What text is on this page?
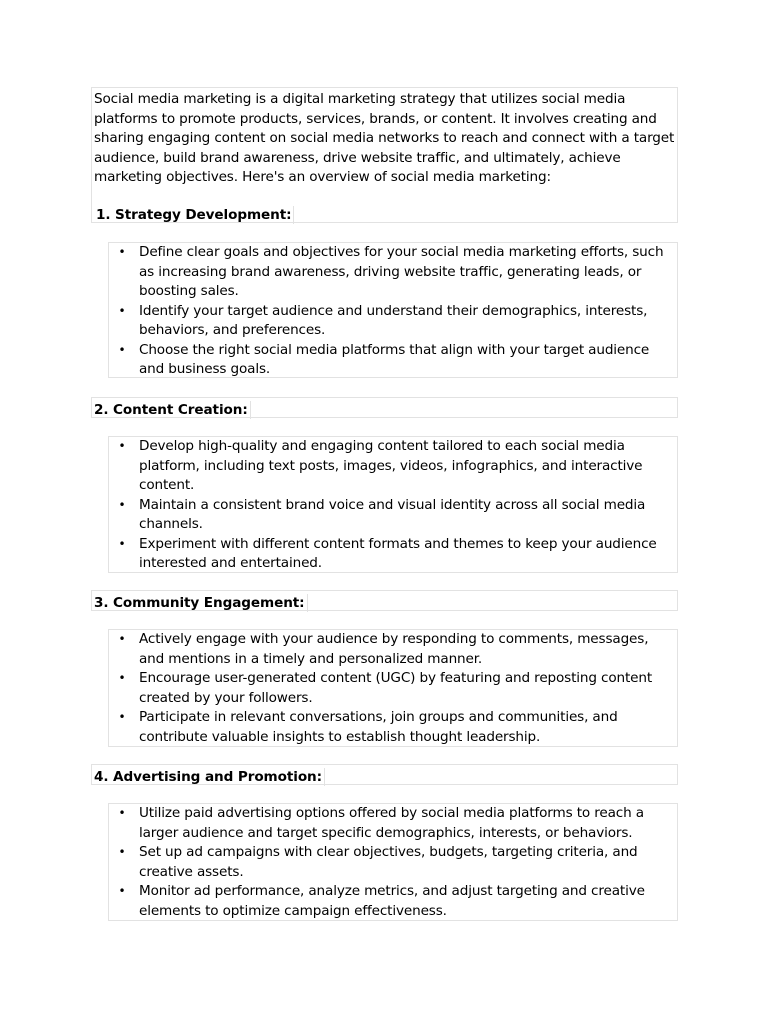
Social media marketing is a digital marketing strategy that utilizes social media platforms to promote products, services, brands, or content. It involves creating and sharing engaging content on social media networks to reach and connect with a target audience, build brand awareness, drive website traffic, and ultimately, achieve marketing objectives. Here's an overview of social media marketing:

1. Strategy Development:

• Define clear goals and objectives for your social media marketing efforts, such as increasing brand awareness, driving website traffic, generating leads, or boosting sales.
• Identify your target audience and understand their demographics, interests, behaviors, and preferences.
• Choose the right social media platforms that align with your target audience and business goals.
2. Content Creation:
• Develop high-quality and engaging content tailored to each social media platform, including text posts, images, videos, infographics, and interactive content.
• Maintain a consistent brand voice and visual identity across all social media channels.
• Experiment with different content formats and themes to keep your audience interested and entertained.
3. Community Engagement:
• Actively engage with your audience by responding to comments, messages, and mentions in a timely and personalized manner.
• Encourage user-generated content (UGC) by featuring and reposting content created by your followers.
• Participate in relevant conversations, join groups and communities, and contribute valuable insights to establish thought leadership.
4. Advertising and Promotion:
• Utilize paid advertising options offered by social media platforms to reach a larger audience and target specific demographics, interests, or behaviors.
• Set up ad campaigns with clear objectives, budgets, targeting criteria, and creative assets.
• Monitor ad performance, analyze metrics, and adjust targeting and creative elements to optimize campaign effectiveness.
